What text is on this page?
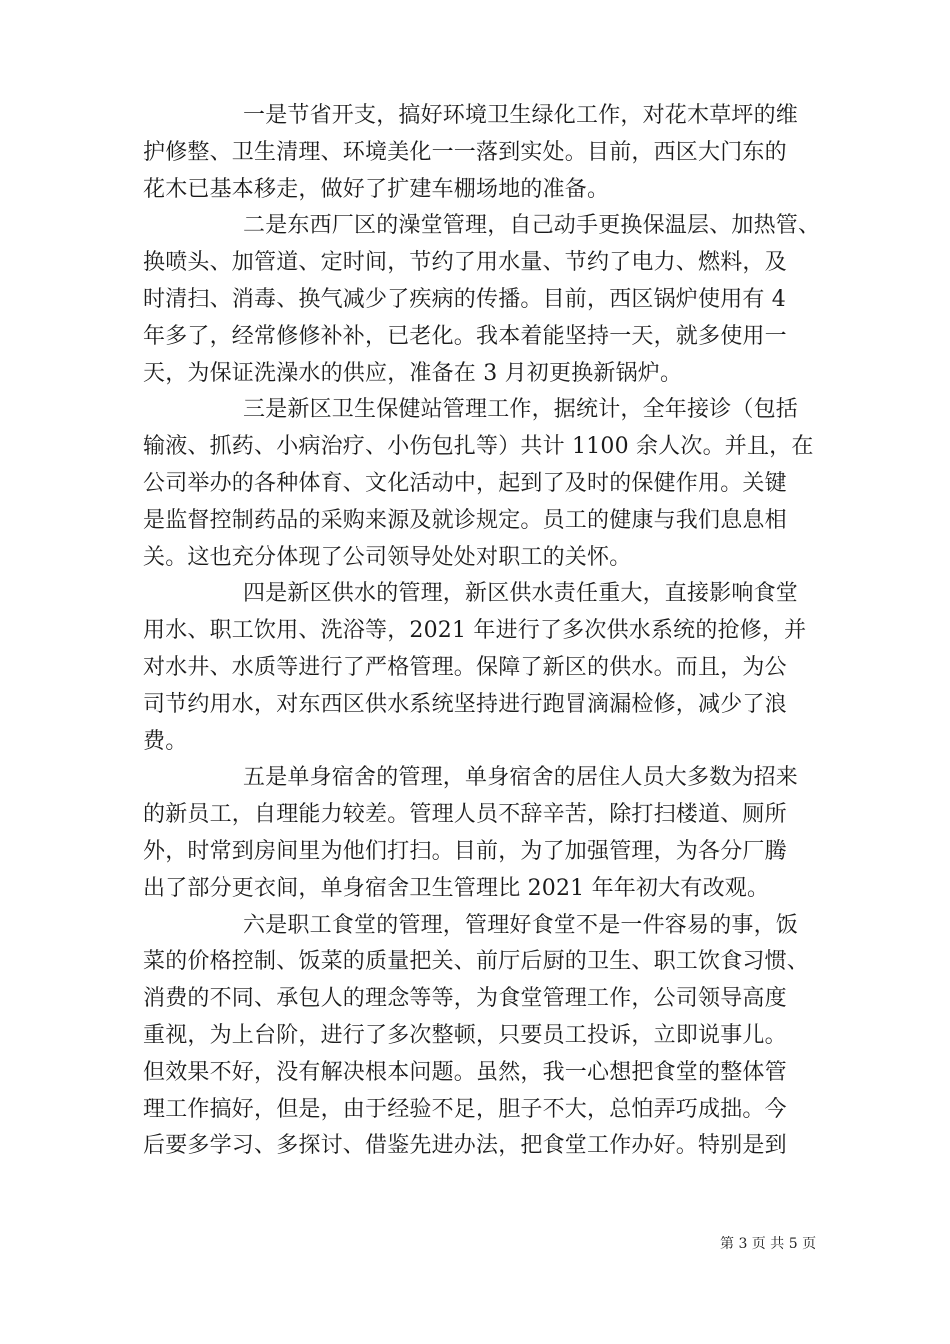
一是节省开支，搞好环境卫生绿化工作，对花木草坪的维
护修整、卫生清理、环境美化一一落到实处。目前，西区大门东的
花木已基本移走，做好了扩建车棚场地的准备。
二是东西厂区的澡堂管理，自己动手更换保温层、加热管、
换喷头、加管道、定时间，节约了用水量、节约了电力、燃料，及
时清扫、消毒、换气减少了疾病的传播。目前，西区锅炉使用有 4
年多了，经常修修补补，已老化。我本着能坚持一天，就多使用一
天，为保证洗澡水的供应，准备在 3 月初更换新锅炉。
三是新区卫生保健站管理工作，据统计，全年接诊（包括
输液、抓药、小病治疗、小伤包扎等）共计 1100 余人次。并且，在
公司举办的各种体育、文化活动中，起到了及时的保健作用。关键
是监督控制药品的采购来源及就诊规定。员工的健康与我们息息相
关。这也充分体现了公司领导处处对职工的关怀。
四是新区供水的管理，新区供水责任重大，直接影响食堂
用水、职工饮用、洗浴等，2021 年进行了多次供水系统的抢修，并
对水井、水质等进行了严格管理。保障了新区的供水。而且，为公
司节约用水，对东西区供水系统坚持进行跑冒滴漏检修，减少了浪
费。
五是单身宿舍的管理，单身宿舍的居住人员大多数为招来
的新员工，自理能力较差。管理人员不辞辛苦，除打扫楼道、厕所
外，时常到房间里为他们打扫。目前，为了加强管理，为各分厂腾
出了部分更衣间，单身宿舍卫生管理比 2021 年年初大有改观。
六是职工食堂的管理，管理好食堂不是一件容易的事，饭
菜的价格控制、饭菜的质量把关、前厅后厨的卫生、职工饮食习惯、
消费的不同、承包人的理念等等，为食堂管理工作，公司领导高度
重视，为上台阶，进行了多次整顿，只要员工投诉，立即说事儿。
但效果不好，没有解决根本问题。虽然，我一心想把食堂的整体管
理工作搞好，但是，由于经验不足，胆子不大，总怕弄巧成拙。今
后要多学习、多探讨、借鉴先进办法，把食堂工作办好。特别是到
第 3 页 共 5 页
